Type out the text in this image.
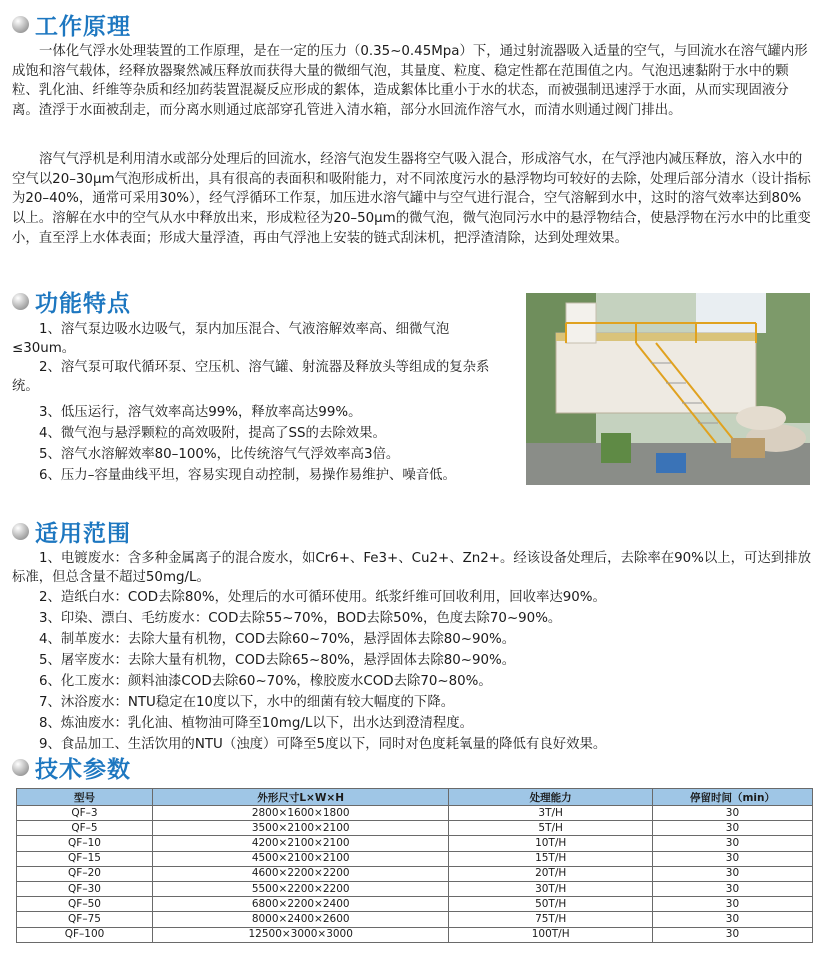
工作原理

一体化气浮水处理装置的工作原理，是在一定的压力（0.35~0.45Mpa）下，通过射流器吸入适量的空气，与回流水在溶气罐内形成饱和溶气载体，经释放器聚然减压释放而获得大量的微细气泡，其量度、粒度、稳定性都在范围值之内。气泡迅速黏附于水中的颗粒、乳化油、纤维等杂质和经加药装置混凝反应形成的絮体，造成絮体比重小于水的状态，而被强制迅速浮于水面，从而实现固液分离。渣浮于水面被刮走，而分离水则通过底部穿孔管进入清水箱，部分水回流作溶气水，而清水则通过阀门排出。

溶气气浮机是利用清水或部分处理后的回流水，经溶气泡发生器将空气吸入混合，形成溶气水，在气浮池内减压释放，溶入水中的空气以20–30μm气泡形成析出，具有很高的表面积和吸附能力，对不同浓度污水的悬浮物均可较好的去除，处理后部分清水（设计指标为20–40%，通常可采用30%），经气浮循环工作泵，加压进水溶气罐中与空气进行混合，空气溶解到水中，这时的溶气效率达到80%以上。溶解在水中的空气从水中释放出来，形成粒径为20–50μm的微气泡，微气泡同污水中的悬浮物结合，使悬浮物在污水中的比重变小，直至浮上水体表面；形成大量浮渣，再由气浮池上安装的链式刮沫机，把浮渣清除，达到处理效果。

功能特点

1、溶气泵边吸水边吸气，泵内加压混合、气液溶解效率高、细微气泡≤30um。

2、溶气泵可取代循环泵、空压机、溶气罐、射流器及释放头等组成的复杂系统。

3、低压运行，溶气效率高达99%，释放率高达99%。

4、微气泡与悬浮颗粒的高效吸附，提高了SS的去除效果。

5、溶气水溶解效率80–100%，比传统溶气气浮效率高3倍。

6、压力–容量曲线平坦，容易实现自动控制，易操作易维护、噪音低。

适用范围

1、电镀废水：含多种金属离子的混合废水，如Cr6+、Fe3+、Cu2+、Zn2+。经该设备处理后，去除率在90%以上，可达到排放标准，但总含量不超过50mg/L。

2、造纸白水：COD去除80%，处理后的水可循环使用。纸浆纤维可回收利用，回收率达90%。

3、印染、漂白、毛纺废水：COD去除55~70%，BOD去除50%，色度去除70~90%。

4、制革废水：去除大量有机物，COD去除60~70%，悬浮固体去除80~90%。

5、屠宰废水：去除大量有机物，COD去除65~80%，悬浮固体去除80~90%。

6、化工废水：颜料油漆COD去除60~70%，橡胶废水COD去除70~80%。

7、沐浴废水：NTU稳定在10度以下，水中的细菌有较大幅度的下降。

8、炼油废水：乳化油、植物油可降至10mg/L以下，出水达到澄清程度。

9、食品加工、生活饮用的NTU（浊度）可降至5度以下，同时对色度耗氧量的降低有良好效果。

技术参数
型号	外形尺寸L×W×H	处理能力	停留时间（min）
QF–3	2800×1600×1800	3T/H	30
QF–5	3500×2100×2100	5T/H	30
QF–10	4200×2100×2100	10T/H	30
QF–15	4500×2100×2100	15T/H	30
QF–20	4600×2200×2200	20T/H	30
QF–30	5500×2200×2200	30T/H	30
QF–50	6800×2200×2400	50T/H	30
QF–75	8000×2400×2600	75T/H	30
QF–100	12500×3000×3000	100T/H	30
